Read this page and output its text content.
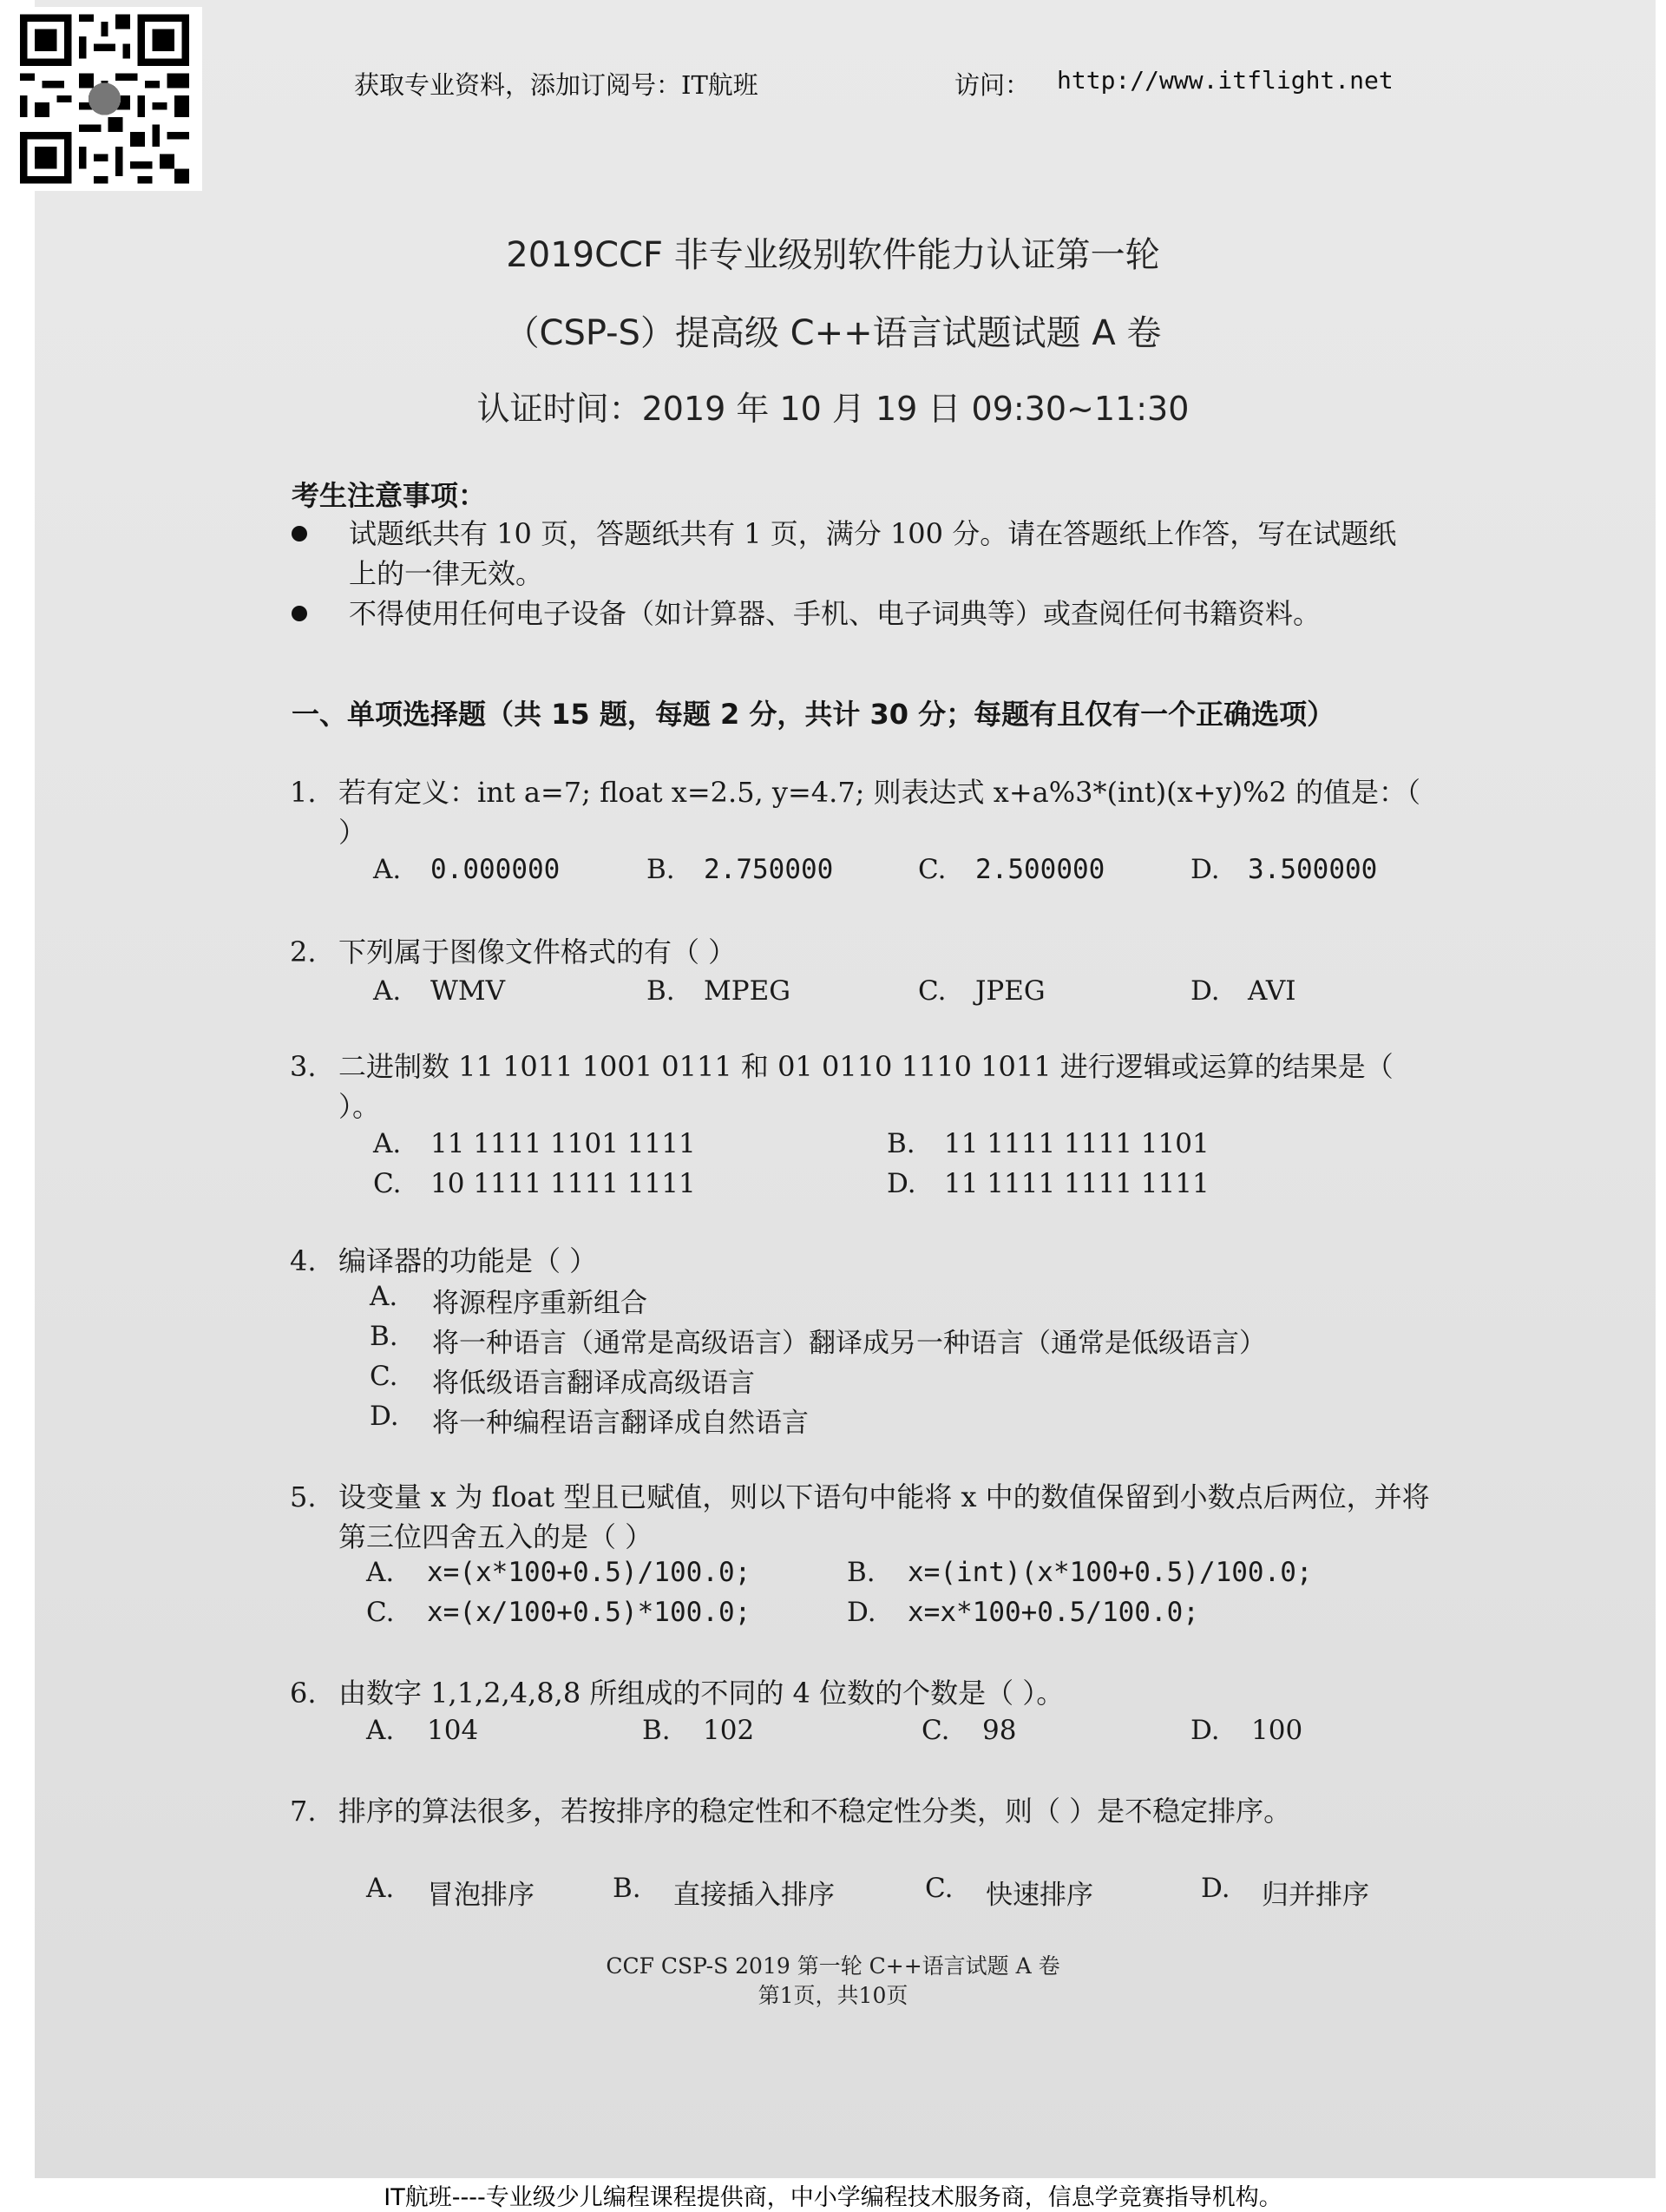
获取专业资料，添加订阅号：IT航班	访问： http://www.itflight.net
2019CCF 非专业级别软件能力认证第一轮
（CSP-S）提高级 C++语言试题试题 A 卷
认证时间：2019 年 10 月 19 日 09:30~11:30
考生注意事项：
试题纸共有 10 页，答题纸共有 1 页，满分 100 分。请在答题纸上作答，写在试题纸上的一律无效。
不得使用任何电子设备（如计算器、手机、电子词典等）或查阅任何书籍资料。
一、单项选择题（共 15 题，每题 2 分，共计 30 分；每题有且仅有一个正确选项）
1. 若有定义：int a=7; float x=2.5, y=4.7; 则表达式 x+a%3*(int)(x+y)%2 的值是：（ ）
A. 0.000000	B. 2.750000	C. 2.500000	D. 3.500000
2. 下列属于图像文件格式的有（ ）
A. WMV	B. MPEG	C. JPEG	D. AVI
3. 二进制数 11 1011 1001 0111 和 01 0110 1110 1011 进行逻辑或运算的结果是（ ）。
A. 11 1111 1101 1111	B. 11 1111 1111 1101
C. 10 1111 1111 1111	D. 11 1111 1111 1111
4. 编译器的功能是（ ）
A. 将源程序重新组合
B. 将一种语言（通常是高级语言）翻译成另一种语言（通常是低级语言）
C. 将低级语言翻译成高级语言
D. 将一种编程语言翻译成自然语言
5. 设变量 x 为 float 型且已赋值，则以下语句中能将 x 中的数值保留到小数点后两位，并将第三位四舍五入的是（ ）
A. x=(x*100+0.5)/100.0;	B. x=(int)(x*100+0.5)/100.0;
C. x=(x/100+0.5)*100.0;	D. x=x*100+0.5/100.0;
6. 由数字 1,1,2,4,8,8 所组成的不同的 4 位数的个数是（ ）。
A. 104	B. 102	C. 98	D. 100
7. 排序的算法很多，若按排序的稳定性和不稳定性分类，则（ ）是不稳定排序。
A. 冒泡排序	B. 直接插入排序	C. 快速排序	D. 归并排序
CCF CSP-S 2019 第一轮 C++语言试题 A 卷
第1页，共10页
IT航班----专业级少儿编程课程提供商，中小学编程技术服务商，信息学竞赛指导机构。
